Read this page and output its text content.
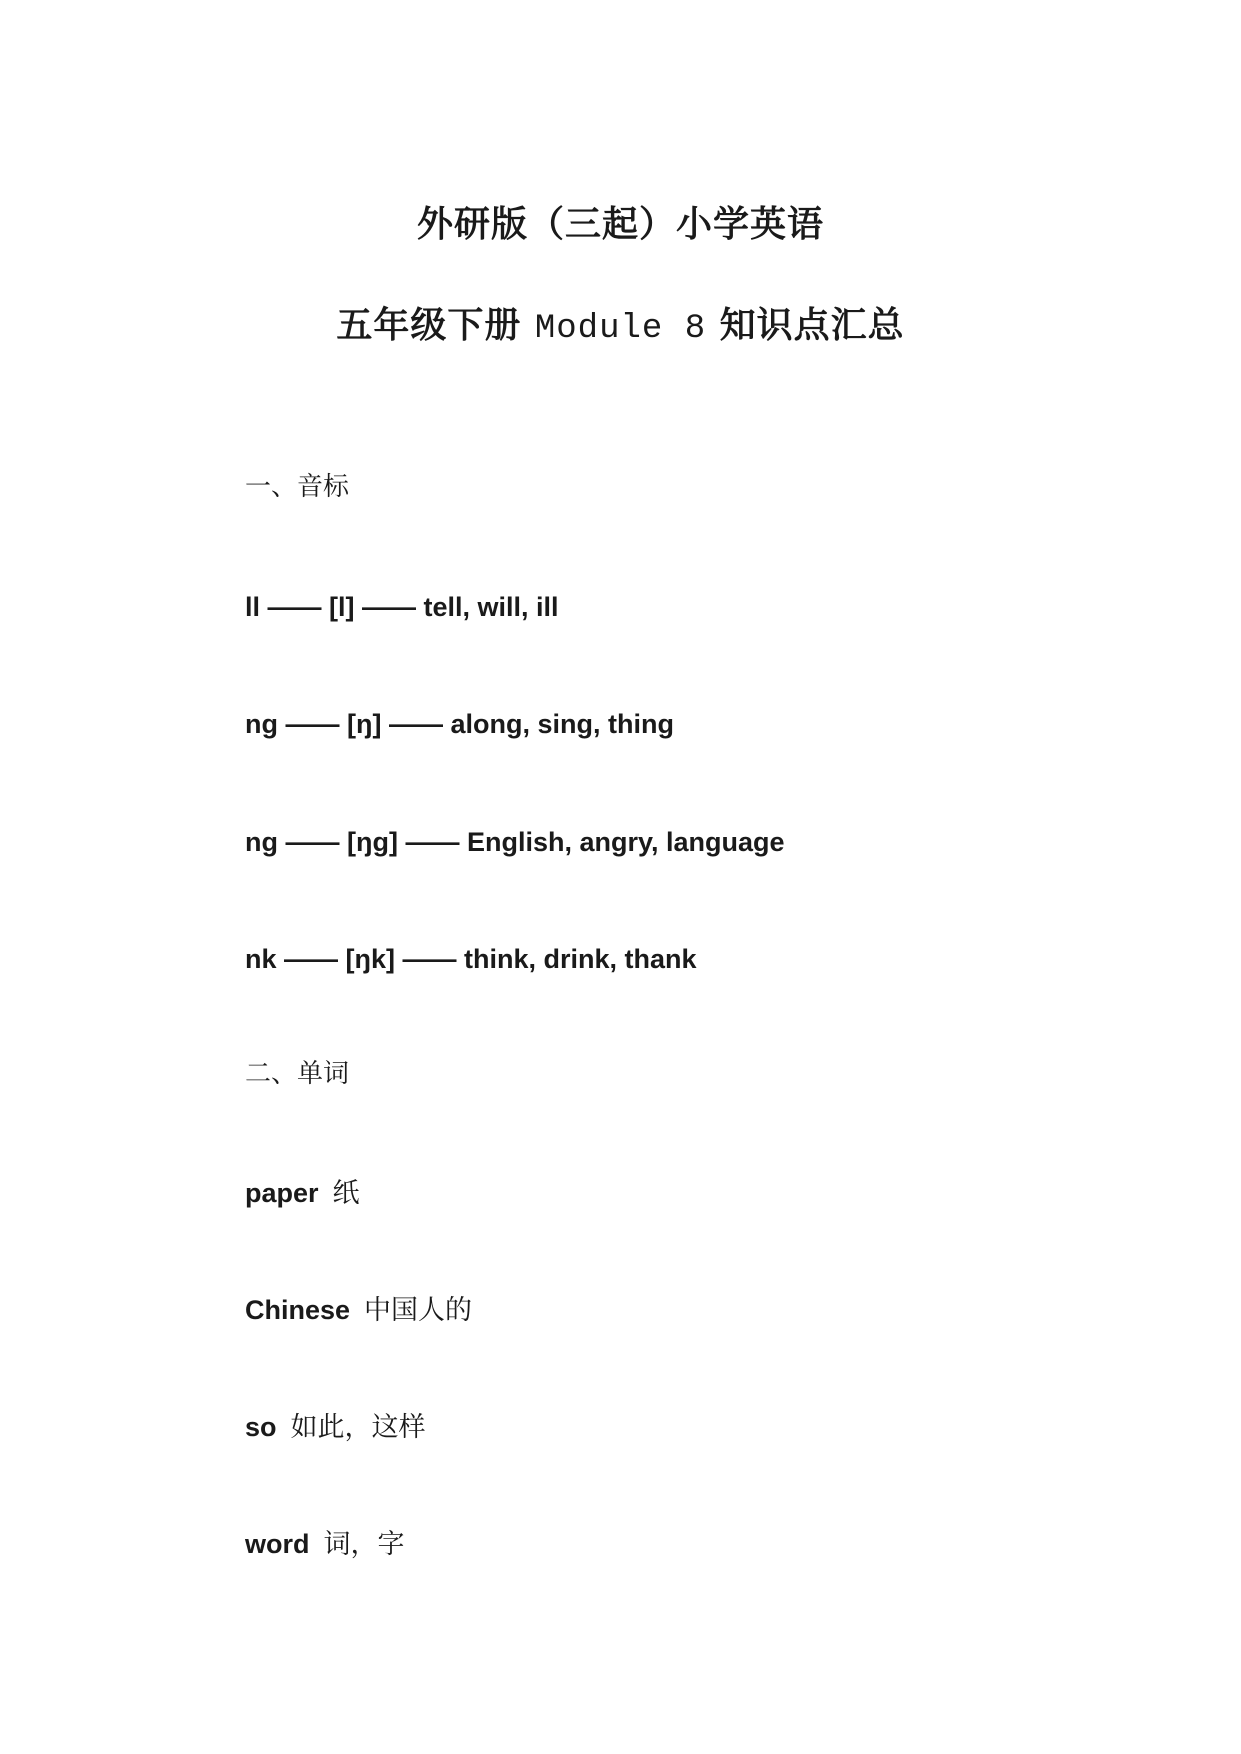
外研版（三起）小学英语
五年级下册 Module 8 知识点汇总
一、音标
ll —— [l] —— tell, will, ill
ng —— [ŋ] —— along, sing, thing
ng —— [ŋg] —— English, angry, language
nk —— [ŋk] —— think, drink, thank
二、单词
paper 纸
Chinese 中国人的
so 如此，这样
word 词，字
